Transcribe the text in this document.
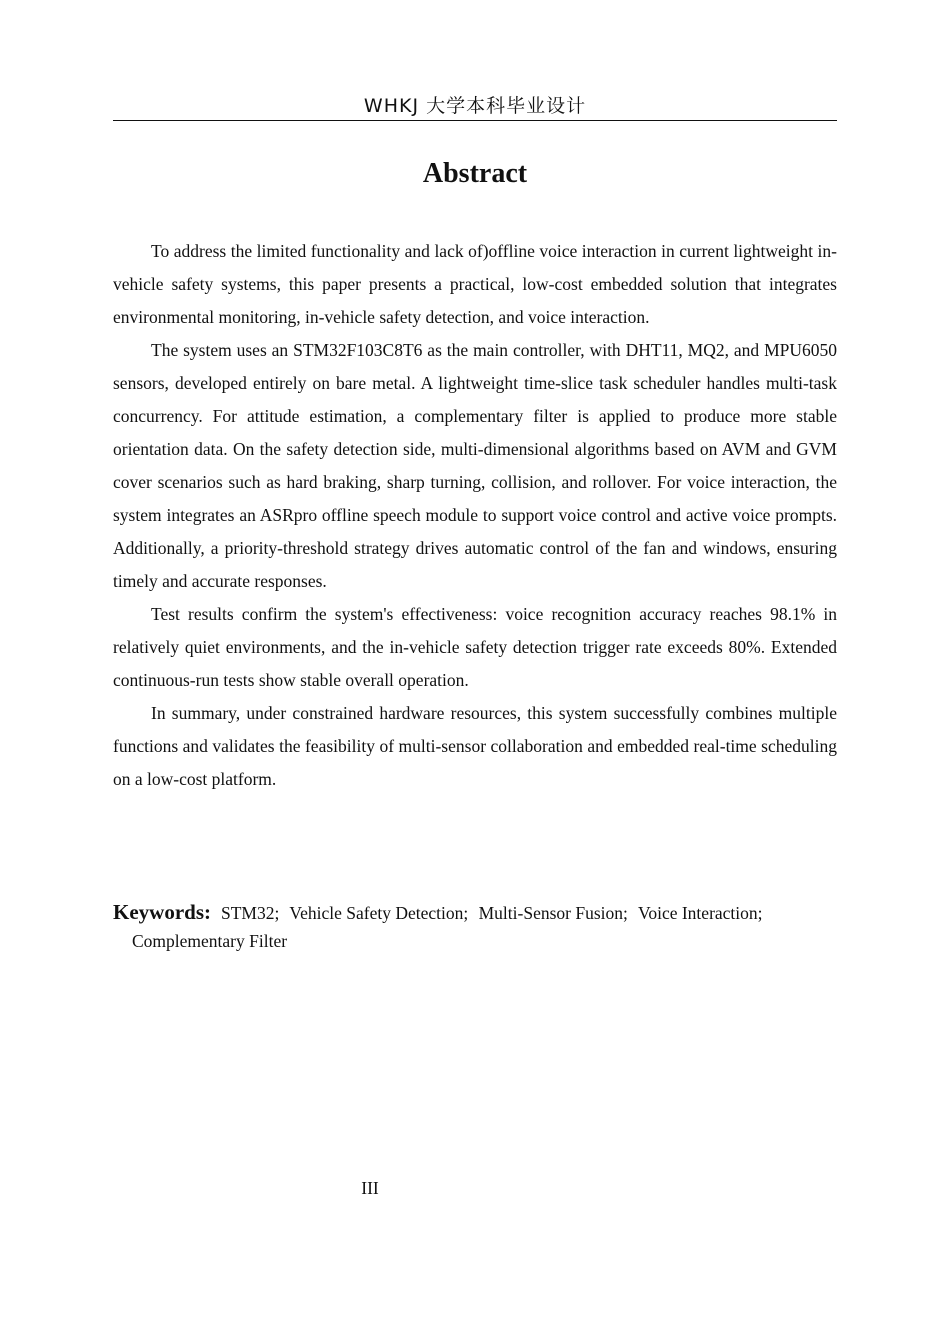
WHKJ 大学本科毕业设计
Abstract

To address the limited functionality and lack of)offline voice interaction in current lightweight in-vehicle safety systems, this paper presents a practical, low-cost embedded solution that integrates environmental monitoring, in-vehicle safety detection, and voice interaction.

The system uses an STM32F103C8T6 as the main controller, with DHT11, MQ2, and MPU6050 sensors, developed entirely on bare metal. A lightweight time-slice task scheduler handles multi-task concurrency. For attitude estimation, a complementary filter is applied to produce more stable orientation data. On the safety detection side, multi-dimensional algorithms based on AVM and GVM cover scenarios such as hard braking, sharp turning, collision, and rollover. For voice interaction, the system integrates an ASRpro offline speech module to support voice control and active voice prompts. Additionally, a priority-threshold strategy drives automatic control of the fan and windows, ensuring timely and accurate responses.

Test results confirm the system's effectiveness: voice recognition accuracy reaches 98.1% in relatively quiet environments, and the in-vehicle safety detection trigger rate exceeds 80%. Extended continuous-run tests show stable overall operation.

In summary, under constrained hardware resources, this system successfully combines multiple functions and validates the feasibility of multi-sensor collaboration and embedded real-time scheduling on a low-cost platform.

Keywords: STM32; Vehicle Safety Detection; Multi-Sensor Fusion; Voice Interaction; Complementary Filter
III
